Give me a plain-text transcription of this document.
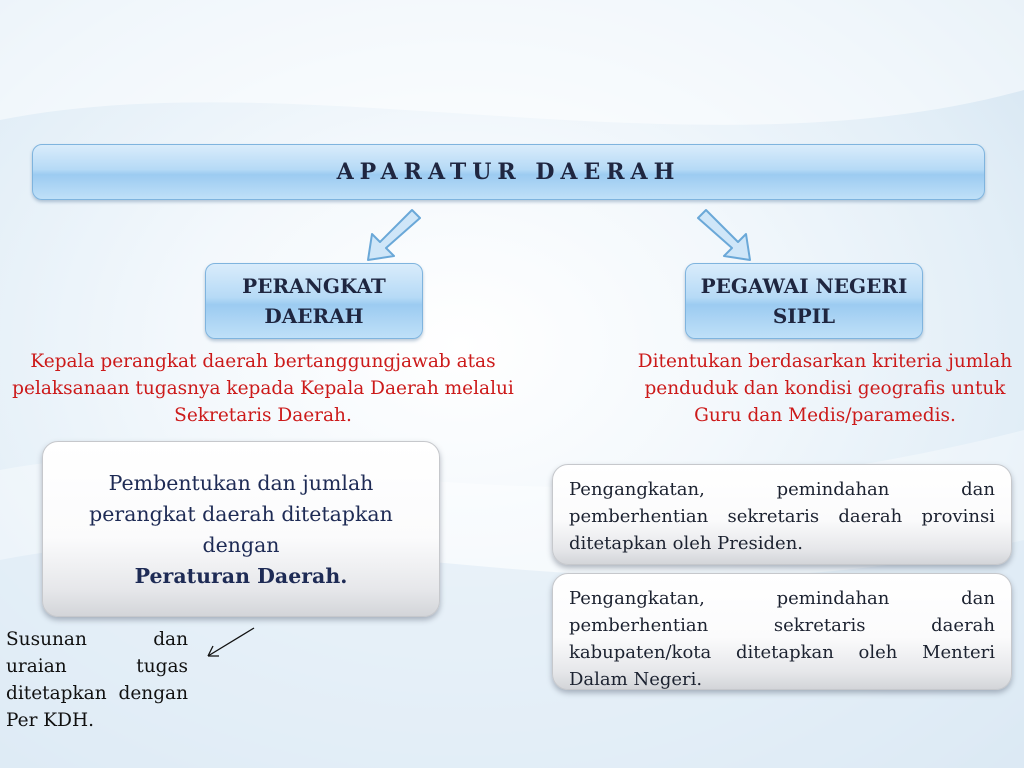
APARATUR DAERAH
PERANGKAT DAERAH
PEGAWAI NEGERI SIPIL
Kepala perangkat daerah bertanggungjawab atas pelaksanaan tugasnya kepada Kepala Daerah melalui Sekretaris Daerah.
Ditentukan berdasarkan kriteria jumlah penduduk dan kondisi geografis untuk Guru dan Medis/paramedis.
Pembentukan dan jumlah perangkat daerah ditetapkan dengan
Peraturan Daerah.
Pengangkatan, pemindahan dan pemberhentian sekretaris daerah provinsi ditetapkan oleh Presiden.
Pengangkatan, pemindahan dan pemberhentian sekretaris daerah kabupaten/kota ditetapkan oleh Menteri Dalam Negeri.
Susunan dan uraian tugas ditetapkan dengan Per KDH.
